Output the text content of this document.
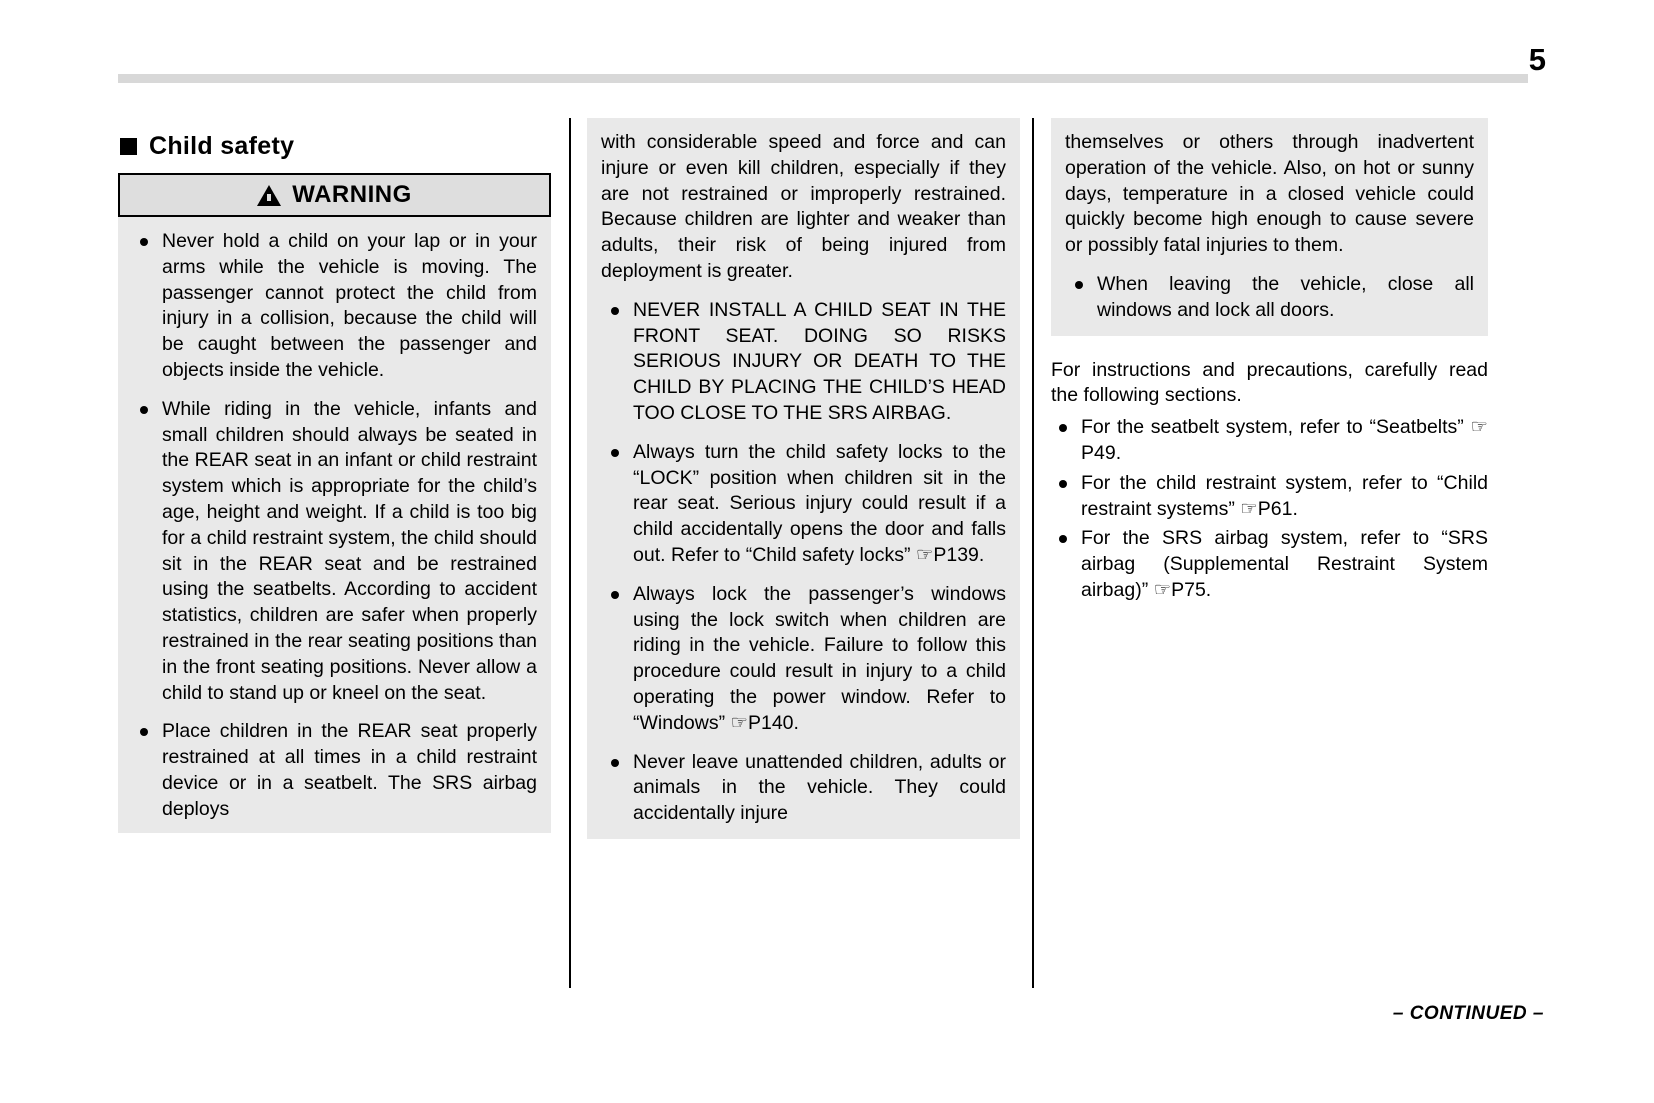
5
Child safety
WARNING
Never hold a child on your lap or in your arms while the vehicle is moving. The passenger cannot protect the child from injury in a collision, because the child will be caught between the passenger and objects inside the vehicle.
While riding in the vehicle, infants and small children should always be seated in the REAR seat in an infant or child restraint system which is appropriate for the child’s age, height and weight. If a child is too big for a child restraint system, the child should sit in the REAR seat and be restrained using the seatbelts. According to accident statistics, children are safer when properly restrained in the rear seating positions than in the front seating positions. Never allow a child to stand up or kneel on the seat.
Place children in the REAR seat properly restrained at all times in a child restraint device or in a seatbelt. The SRS airbag deploys

with considerable speed and force and can injure or even kill children, especially if they are not restrained or improperly restrained. Because children are lighter and weaker than adults, their risk of being injured from deployment is greater.

NEVER INSTALL A CHILD SEAT IN THE FRONT SEAT. DOING SO RISKS SERIOUS INJURY OR DEATH TO THE CHILD BY PLACING THE CHILD’S HEAD TOO CLOSE TO THE SRS AIRBAG.
Always turn the child safety locks to the “LOCK” position when children sit in the rear seat. Serious injury could result if a child accidentally opens the door and falls out. Refer to “Child safety locks” ☞P139.
Always lock the passenger’s windows using the lock switch when children are riding in the vehicle. Failure to follow this procedure could result in injury to a child operating the power window. Refer to “Windows” ☞P140.
Never leave unattended children, adults or animals in the vehicle. They could accidentally injure

themselves or others through inadvertent operation of the vehicle. Also, on hot or sunny days, temperature in a closed vehicle could quickly become high enough to cause severe or possibly fatal injuries to them.

When leaving the vehicle, close all windows and lock all doors.

For instructions and precautions, carefully read the following sections.

For the seatbelt system, refer to “Seatbelts” ☞P49.
For the child restraint system, refer to “Child restraint systems” ☞P61.
For the SRS airbag system, refer to “SRS airbag (Supplemental Restraint System airbag)” ☞P75.
– CONTINUED –
